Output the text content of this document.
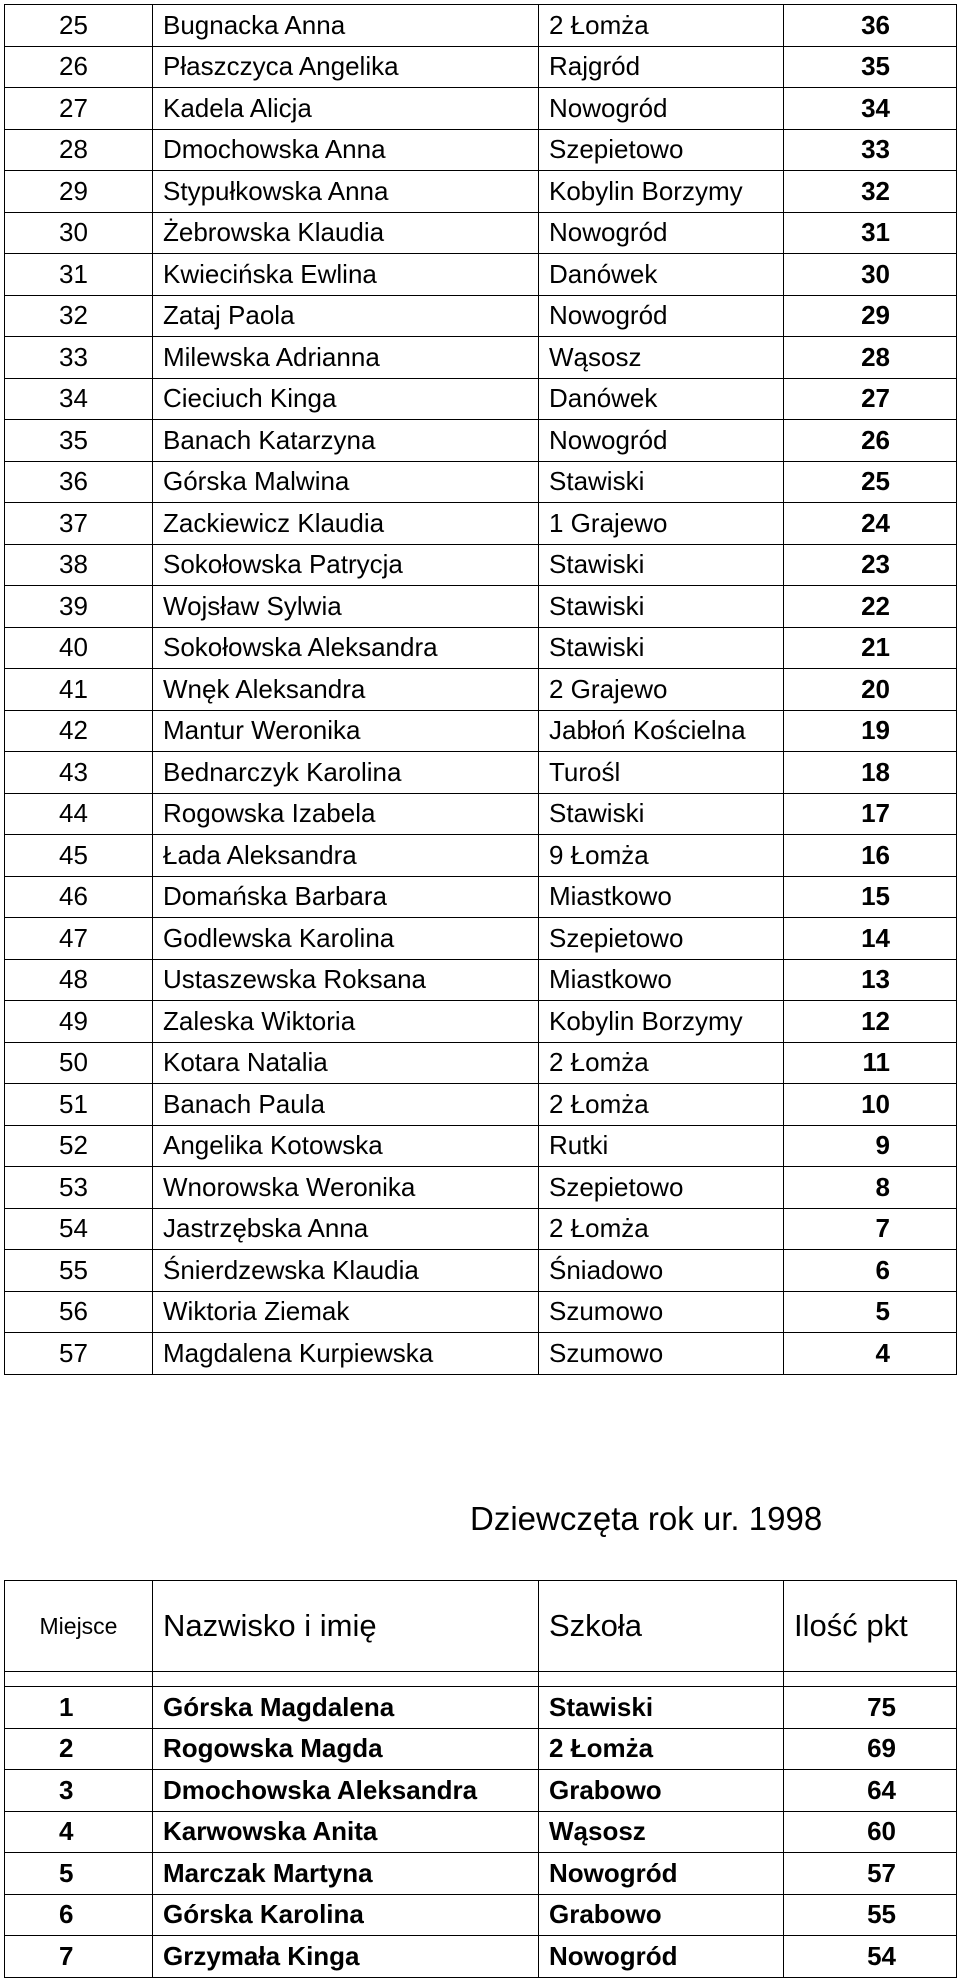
25	Bugnacka Anna	2 Łomża	36
26	Płaszczyca Angelika	Rajgród	35
27	Kadela Alicja	Nowogród	34
28	Dmochowska Anna	Szepietowo	33
29	Stypułkowska Anna	Kobylin Borzymy	32
30	Żebrowska Klaudia	Nowogród	31
31	Kwiecińska Ewlina	Danówek	30
32	Zataj Paola	Nowogród	29
33	Milewska Adrianna	Wąsosz	28
34	Cieciuch Kinga	Danówek	27
35	Banach Katarzyna	Nowogród	26
36	Górska Malwina	Stawiski	25
37	Zackiewicz Klaudia	1 Grajewo	24
38	Sokołowska Patrycja	Stawiski	23
39	Wojsław Sylwia	Stawiski	22
40	Sokołowska Aleksandra	Stawiski	21
41	Wnęk Aleksandra	2 Grajewo	20
42	Mantur Weronika	Jabłoń Kościelna	19
43	Bednarczyk Karolina	Turośl	18
44	Rogowska Izabela	Stawiski	17
45	Łada Aleksandra	9 Łomża	16
46	Domańska Barbara	Miastkowo	15
47	Godlewska Karolina	Szepietowo	14
48	Ustaszewska Roksana	Miastkowo	13
49	Zaleska Wiktoria	Kobylin Borzymy	12
50	Kotara Natalia	2 Łomża	11
51	Banach Paula	2 Łomża	10
52	Angelika Kotowska	Rutki	9
53	Wnorowska Weronika	Szepietowo	8
54	Jastrzębska Anna	2 Łomża	7
55	Śnierdzewska Klaudia	Śniadowo	6
56	Wiktoria Ziemak	Szumowo	5
57	Magdalena Kurpiewska	Szumowo	4
Dziewczęta rok ur. 1998
Miejsce	Nazwisko i imię	Szkoła	Ilość pkt

1	Górska Magdalena	Stawiski	75
2	Rogowska Magda	2 Łomża	69
3	Dmochowska Aleksandra	Grabowo	64
4	Karwowska Anita	Wąsosz	60
5	Marczak Martyna	Nowogród	57
6	Górska Karolina	Grabowo	55
7	Grzymała Kinga	Nowogród	54
